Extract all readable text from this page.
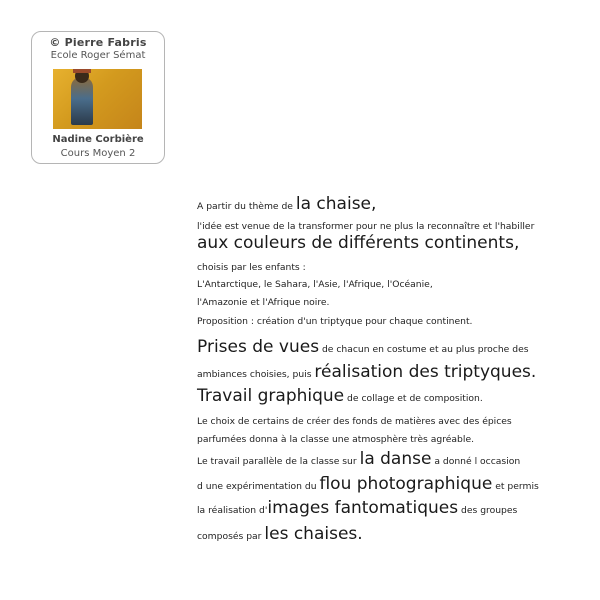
© Pierre Fabris
Ecole Roger Sémat
Nadine Corbière
Cours Moyen 2
A partir du thème de la chaise,
l'idée est venue de la transformer pour ne plus la reconnaître et l'habiller
aux couleurs de différents continents,
choisis par les enfants :
L'Antarctique, le Sahara, l'Asie, l'Afrique, l'Océanie,
l'Amazonie et l'Afrique noire.
Proposition : création d'un triptyque pour chaque continent.
Prises de vues de chacun en costume et au plus proche des
ambiances choisies, puis réalisation des triptyques.
Travail graphique de collage et de composition.
Le choix de certains de créer des fonds de matières avec des épices
parfumées donna à la classe une atmosphère très agréable.
Le travail parallèle de la classe sur la danse a donné l occasion
d une expérimentation du flou photographique et permis
la réalisation d'images fantomatiques des groupes
composés par les chaises.
